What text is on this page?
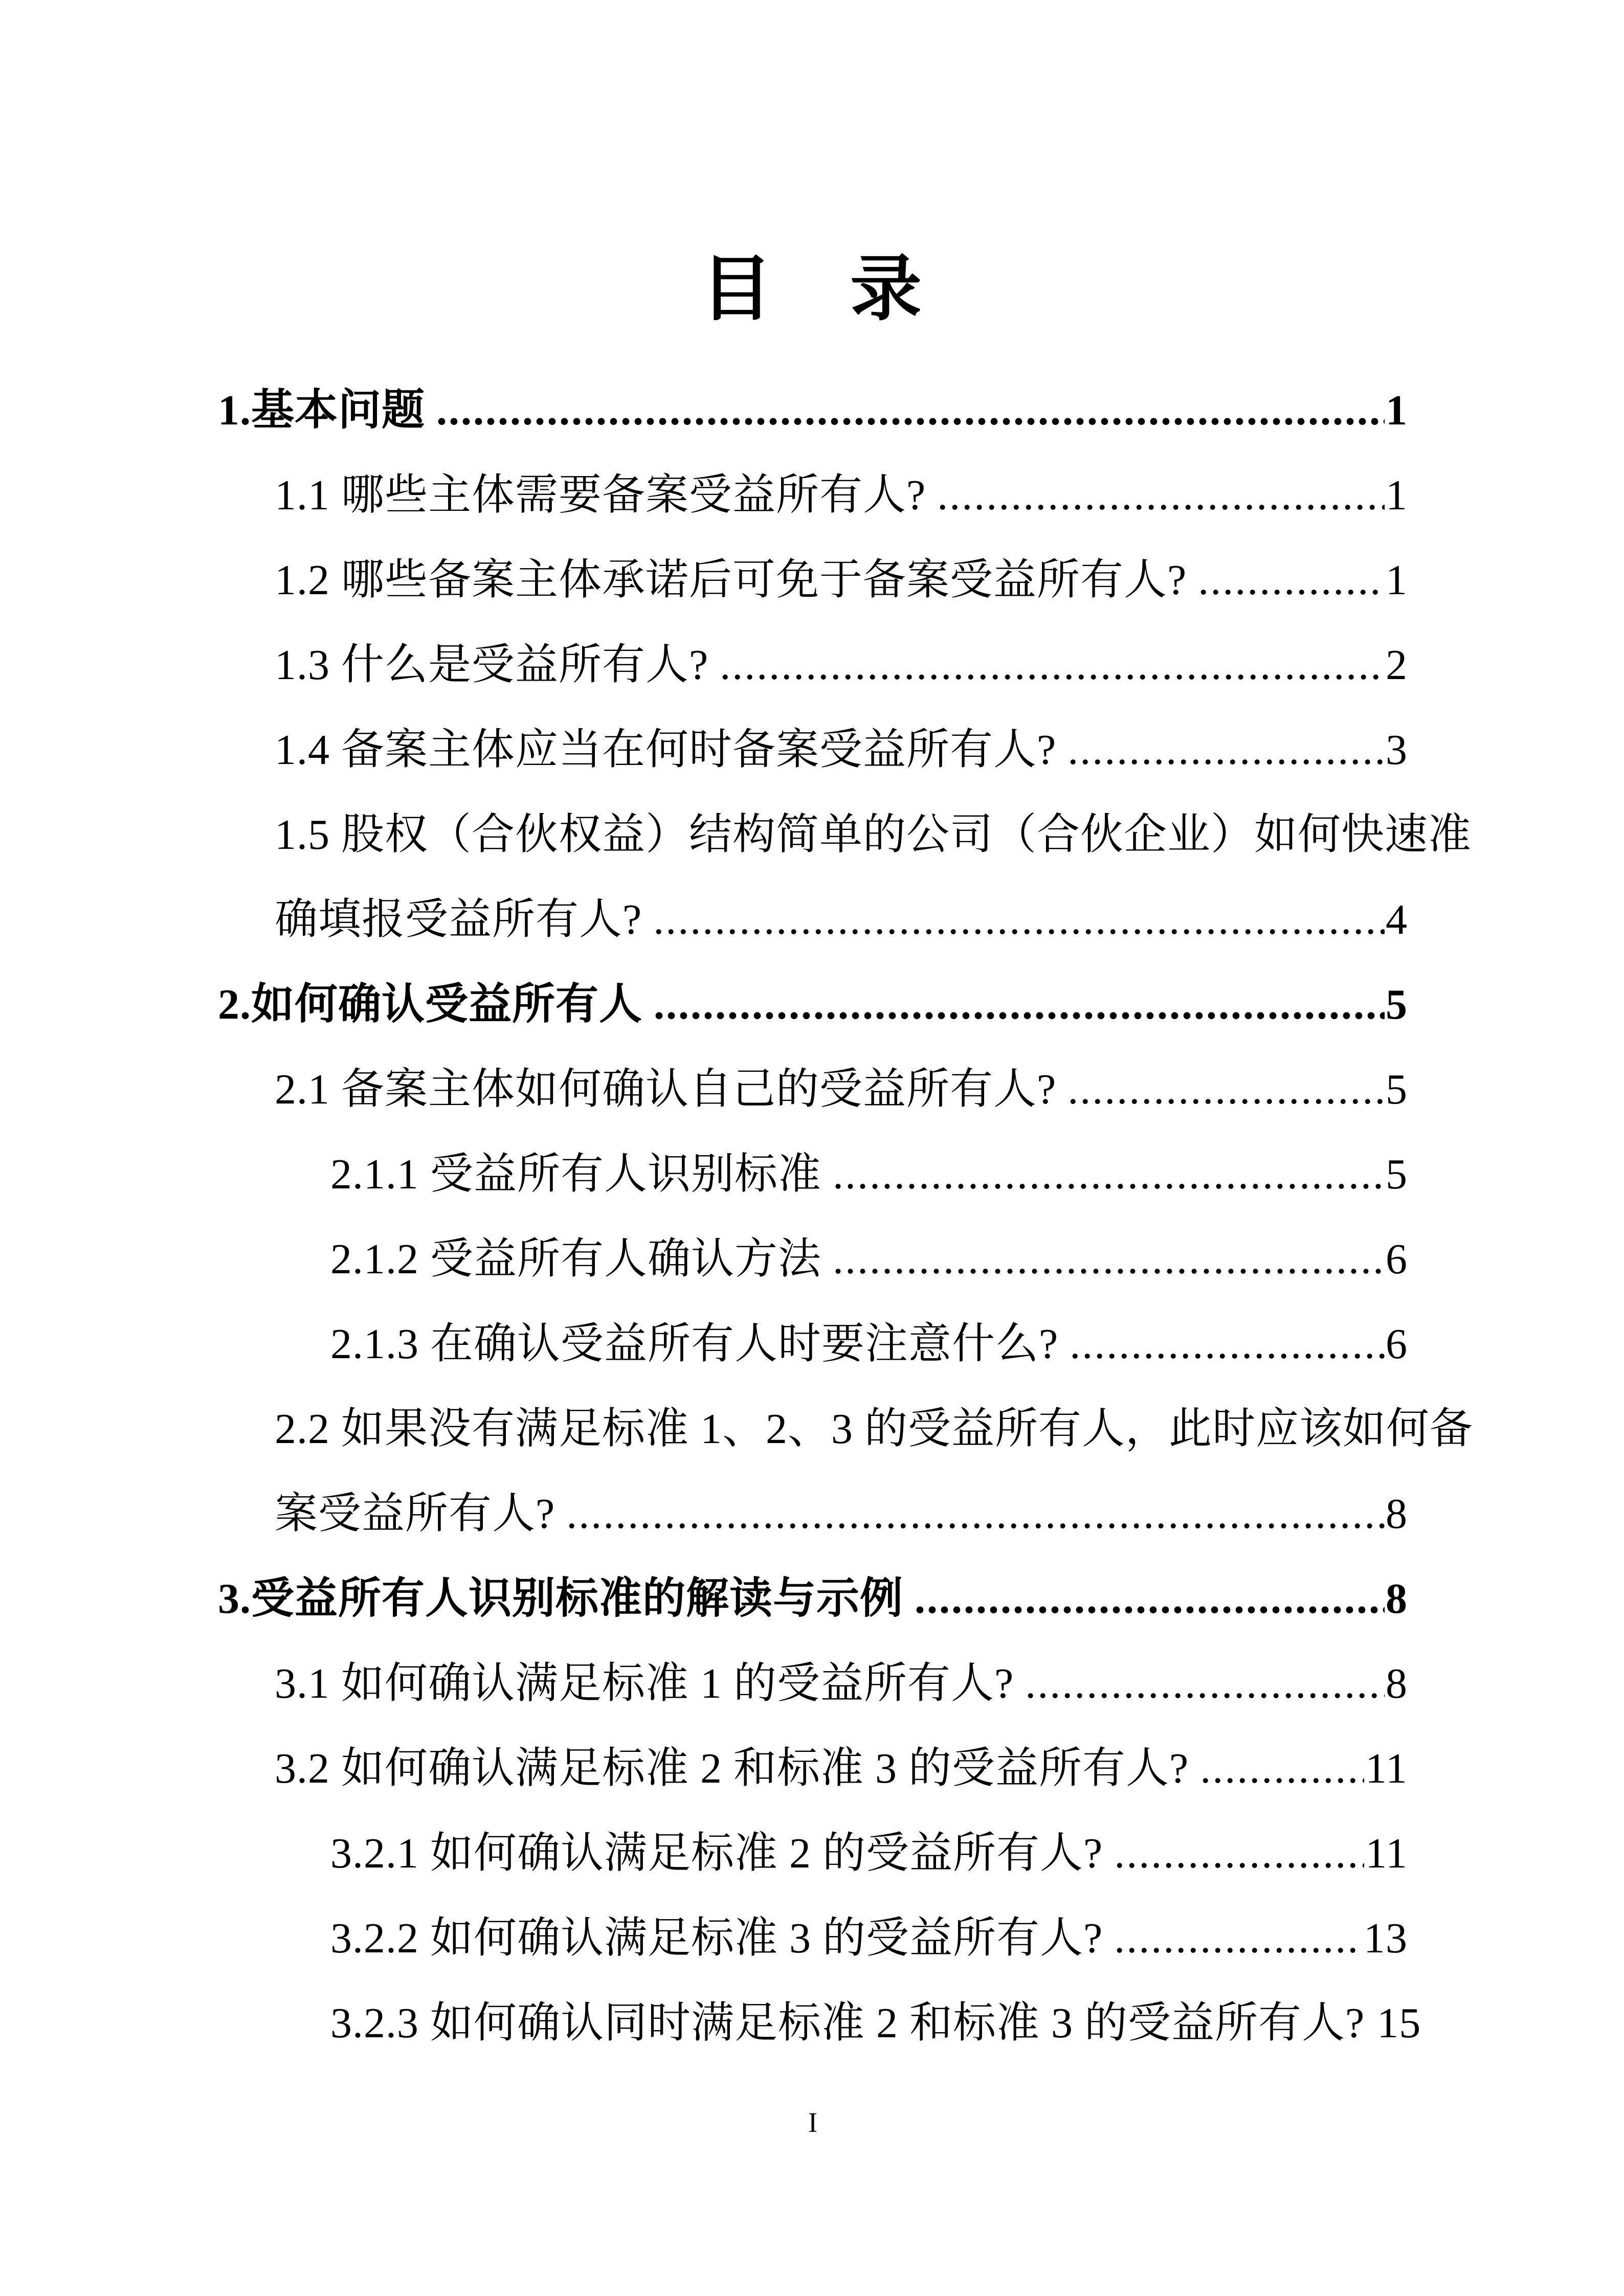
目　录
1.基本问题 .....	1
1.1 哪些主体需要备案受益所有人? .....	1
1.2 哪些备案主体承诺后可免于备案受益所有人? .....	1
1.3 什么是受益所有人? .....	2
1.4 备案主体应当在何时备案受益所有人? .....	3
1.5 股权（合伙权益）结构简单的公司（合伙企业）如何快速准
确填报受益所有人? .....	4
2.如何确认受益所有人 .....	5
2.1 备案主体如何确认自己的受益所有人? .....	5
2.1.1 受益所有人识别标准 .....	5
2.1.2 受益所有人确认方法 .....	6
2.1.3 在确认受益所有人时要注意什么? .....	6
2.2 如果没有满足标准 1、2、3 的受益所有人，此时应该如何备
案受益所有人? .....	8
3.受益所有人识别标准的解读与示例 .....	8
3.1 如何确认满足标准 1 的受益所有人? .....	8
3.2 如何确认满足标准 2 和标准 3 的受益所有人? .....	11
3.2.1 如何确认满足标准 2 的受益所有人? .....	11
3.2.2 如何确认满足标准 3 的受益所有人? .....	13
3.2.3 如何确认同时满足标准 2 和标准 3 的受益所有人? ..... 15
I
